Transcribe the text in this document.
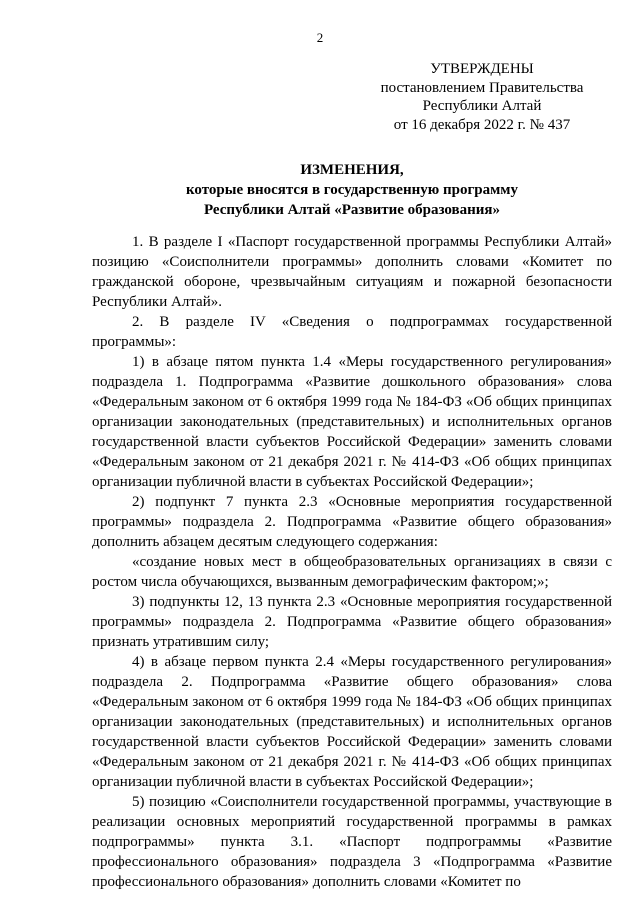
2
УТВЕРЖДЕНЫ
постановлением Правительства
Республики Алтай
от 16 декабря 2022 г. № 437
ИЗМЕНЕНИЯ,
которые вносятся в государственную программу
Республики Алтай «Развитие образования»

1. В разделе I «Паспорт государственной программы Республики Алтай» позицию «Соисполнители программы» дополнить словами «Комитет по гражданской обороне, чрезвычайным ситуациям и пожарной безопасности Республики Алтай».

2. В разделе IV «Сведения о подпрограммах государственной программы»:

1) в абзаце пятом пункта 1.4 «Меры государственного регулирования» подраздела 1. Подпрограмма «Развитие дошкольного образования» слова «Федеральным законом от 6 октября 1999 года № 184-ФЗ «Об общих принципах организации законодательных (представительных) и исполнительных органов государственной власти субъектов Российской Федерации» заменить словами «Федеральным законом от 21 декабря 2021 г. № 414-ФЗ «Об общих принципах организации публичной власти в субъектах Российской Федерации»;

2) подпункт 7 пункта 2.3 «Основные мероприятия государственной программы» подраздела 2. Подпрограмма «Развитие общего образования» дополнить абзацем десятым следующего содержания:

«создание новых мест в общеобразовательных организациях в связи с ростом числа обучающихся, вызванным демографическим фактором;»;

3) подпункты 12, 13 пункта 2.3 «Основные мероприятия государственной программы» подраздела 2. Подпрограмма «Развитие общего образования» признать утратившим силу;

4) в абзаце первом пункта 2.4 «Меры государственного регулирования» подраздела 2. Подпрограмма «Развитие общего образования» слова «Федеральным законом от 6 октября 1999 года № 184-ФЗ «Об общих принципах организации законодательных (представительных) и исполнительных органов государственной власти субъектов Российской Федерации» заменить словами «Федеральным законом от 21 декабря 2021 г. № 414-ФЗ «Об общих принципах организации публичной власти в субъектах Российской Федерации»;

5) позицию «Соисполнители государственной программы, участвующие в реализации основных мероприятий государственной программы в рамках подпрограммы» пункта 3.1. «Паспорт подпрограммы «Развитие профессионального образования» подраздела 3 «Подпрограмма «Развитие профессионального образования» дополнить словами «Комитет по
